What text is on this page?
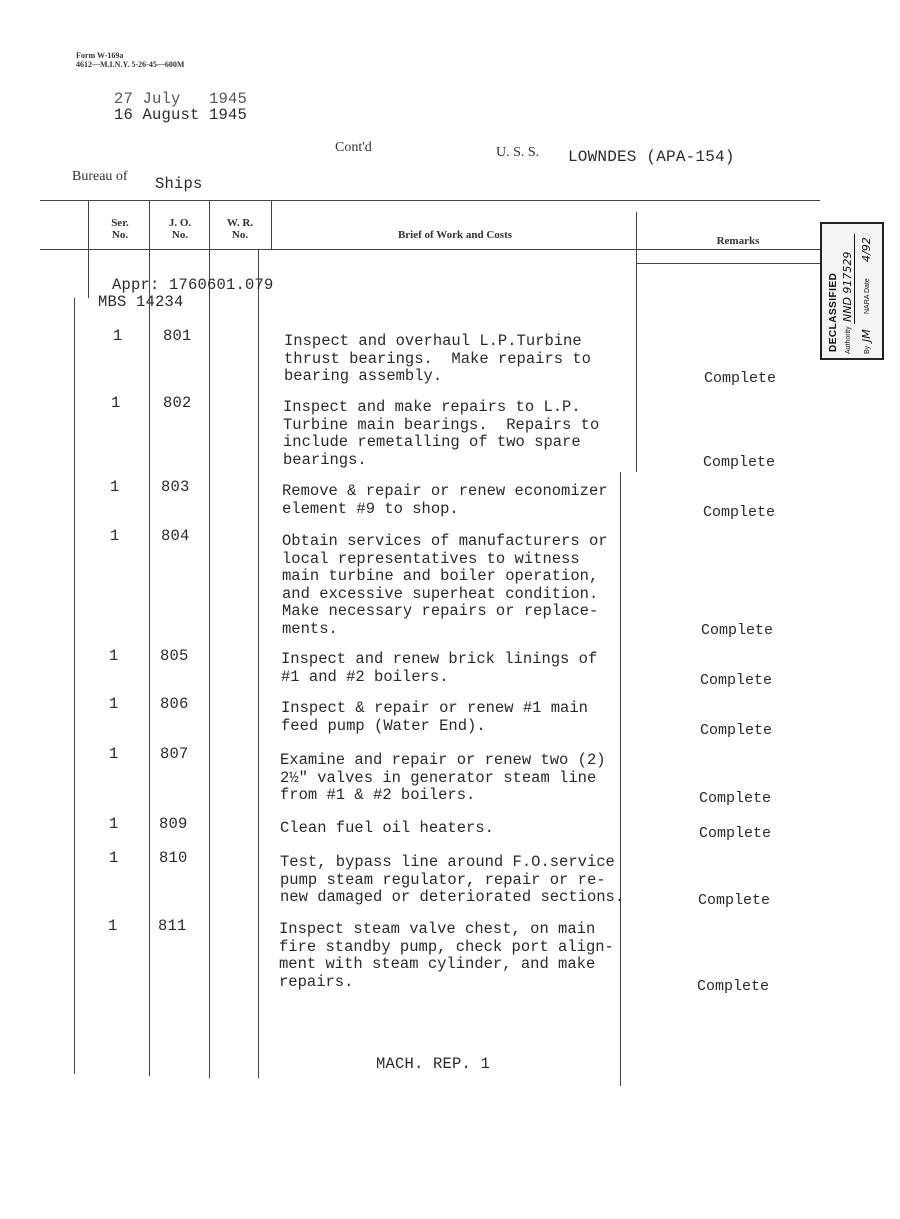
Form W-169a
4612—M.I.N.Y. 5-26-45—600M
27 July   1945
16 August 1945
Cont'd	U. S. S. LOWNDES (APA-154)
Bureau of Ships
Ser.
No.
J. O.
No.
W. R.
No.	Brief of Work and Costs	Remarks
Appr: 1760601.079
MBS 14234
1	801	Inspect and overhaul L.P.Turbine
thrust bearings.  Make repairs to
bearing assembly.	Complete
1	802	Inspect and make repairs to L.P.
Turbine main bearings.  Repairs to
include remetalling of two spare
bearings.	Complete
1	803	Remove & repair or renew economizer
element #9 to shop.	Complete
1	804	Obtain services of manufacturers or
local representatives to witness
main turbine and boiler operation,
and excessive superheat condition.
Make necessary repairs or replace-
ments.	Complete
1	805	Inspect and renew brick linings of
#1 and #2 boilers.	Complete
1	806	Inspect & repair or renew #1 main
feed pump (Water End).	Complete
1	807	Examine and repair or renew two (2)
2½" valves in generator steam line
from #1 & #2 boilers.	Complete
1	809	Clean fuel oil heaters.	Complete
1	810	Test, bypass line around F.O.service
pump steam regulator, repair or re-
new damaged or deteriorated sections.	Complete
1	811	Inspect steam valve chest, on main
fire standby pump, check port align-
ment with steam cylinder, and make
repairs.	Complete
MACH. REP. 1
DECLASSIFIED Authority
NND 917529
By
JM
NARA Date
4/92
